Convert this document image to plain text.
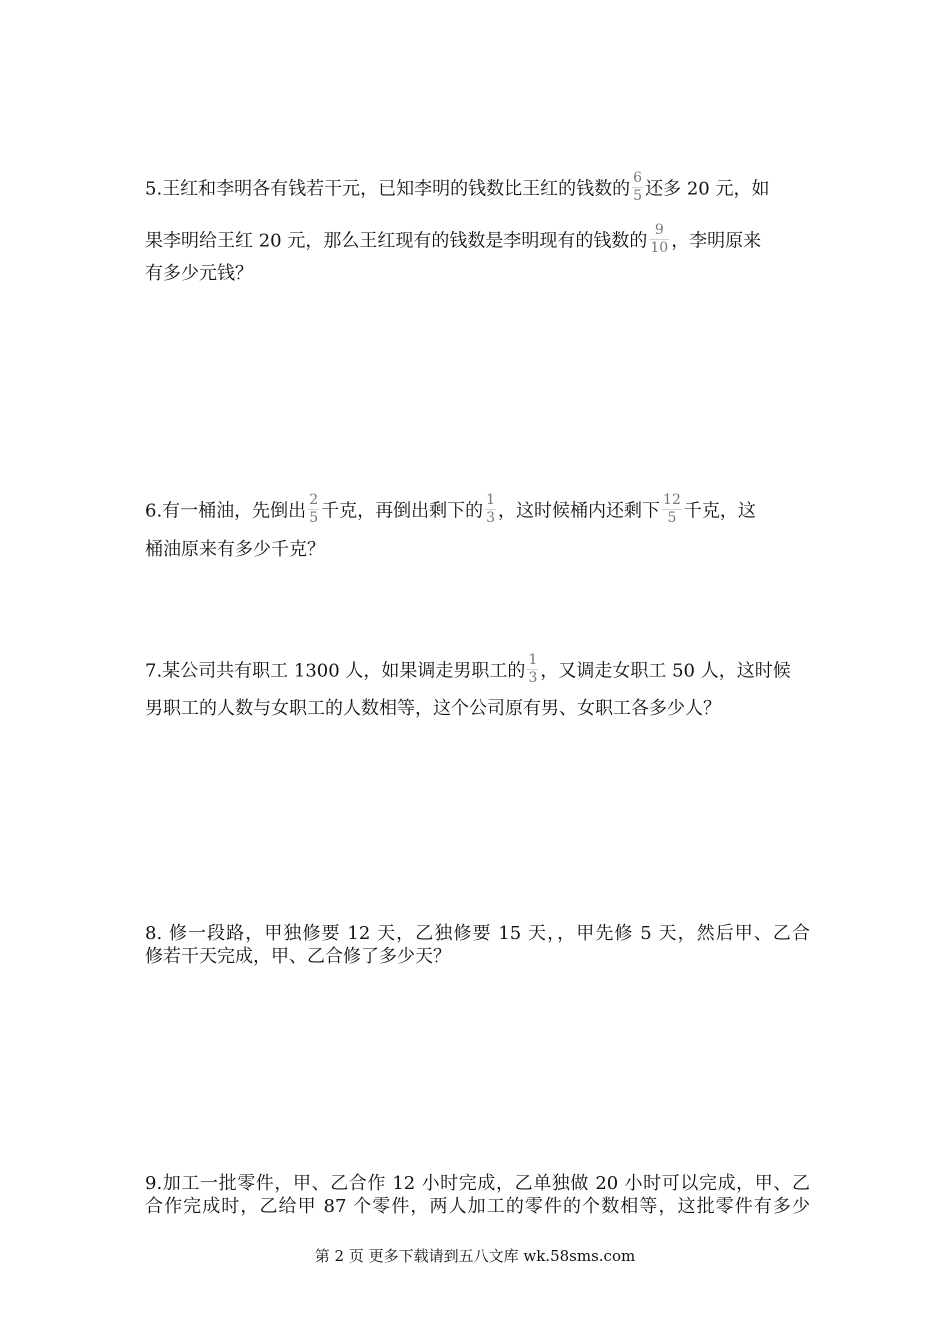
5.王红和李明各有钱若干元，已知李明的钱数比王红的钱数的 $\frac{6}{5}$ 还多 20 元，如
果李明给王红 20 元，那么王红现有的钱数是李明现有的钱数的 $\frac{9}{10}$ ，李明原来
有多少元钱？
6.有一桶油，先倒出 $\frac{2}{5}$ 千克，再倒出剩下的 $\frac{1}{3}$ ，这时候桶内还剩下 $\frac{12}{5}$ 千克，这
桶油原来有多少千克？
7.某公司共有职工 1300 人，如果调走男职工的 $\frac{1}{3}$ ，又调走女职工 50 人，这时候
男职工的人数与女职工的人数相等，这个公司原有男、女职工各多少人？
8. 修一段路，甲独修要 12 天，乙独修要 15 天，，甲先修 5 天，然后甲、乙合
修若干天完成，甲、乙合修了多少天？
9.加工一批零件，甲、乙合作 12 小时完成，乙单独做 20 小时可以完成，甲、乙
合作完成时，乙给甲 87 个零件，两人加工的零件的个数相等，这批零件有多少
第 2 页 更多下载请到五八文库 wk.58sms.com
